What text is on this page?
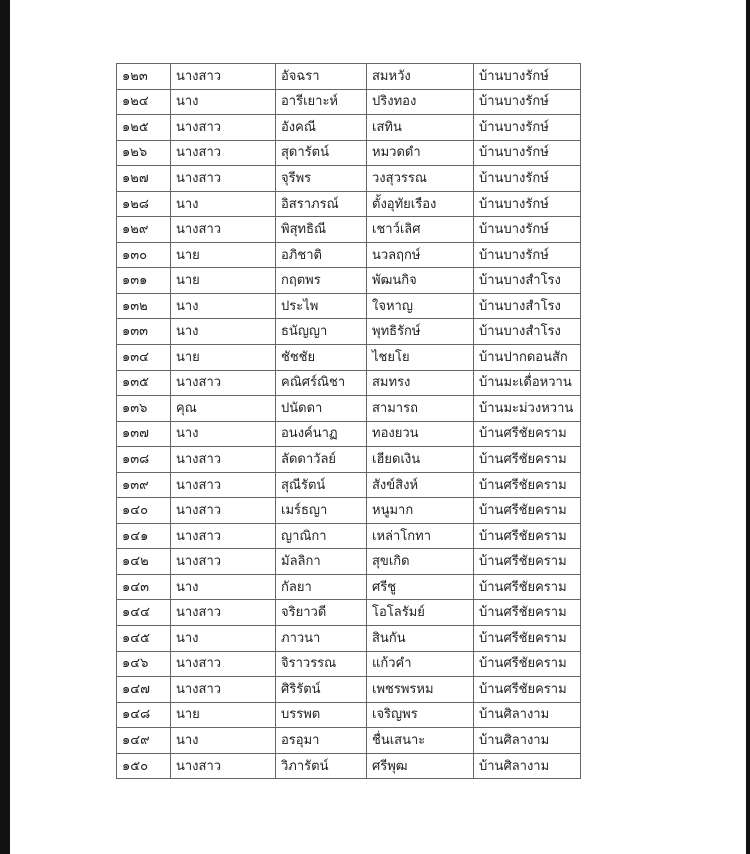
๑๒๓	นางสาว	อัจฉรา	สมหวัง	บ้านบางรักษ์
๑๒๔	นาง	อารีเยาะห์	ปริงทอง	บ้านบางรักษ์
๑๒๕	นางสาว	อังคณี	เสทิน	บ้านบางรักษ์
๑๒๖	นางสาว	สุดารัตน์	หมวดดำ	บ้านบางรักษ์
๑๒๗	นางสาว	จุรีพร	วงสุวรรณ	บ้านบางรักษ์
๑๒๘	นาง	อิสราภรณ์	ตั้งอุทัยเรือง	บ้านบางรักษ์
๑๒๙	นางสาว	พิสุทธิณี	เชาว์เลิศ	บ้านบางรักษ์
๑๓๐	นาย	อภิชาติ	นวลฤกษ์	บ้านบางรักษ์
๑๓๑	นาย	กฤตพร	พัฒนกิจ	บ้านบางสำโรง
๑๓๒	นาง	ประไพ	ใจหาญ	บ้านบางสำโรง
๑๓๓	นาง	ธนัญญา	พุทธิรักษ์	บ้านบางสำโรง
๑๓๔	นาย	ชัชชัย	ไชยโย	บ้านปากดอนสัก
๑๓๕	นางสาว	คณิศร์ณิชา	สมทรง	บ้านมะเดื่อหวาน
๑๓๖	คุณ	ปนัดดา	สามารถ	บ้านมะม่วงหวาน
๑๓๗	นาง	อนงค์นาฏ	ทองยวน	บ้านศรีชัยคราม
๑๓๘	นางสาว	ลัดดาวัลย์	เฮียดเงิน	บ้านศรีชัยคราม
๑๓๙	นางสาว	สุณีรัตน์	สังข์สิงห์	บ้านศรีชัยคราม
๑๔๐	นางสาว	เมร์ธญา	หนูมาก	บ้านศรีชัยคราม
๑๔๑	นางสาว	ญาณิกา	เหล่าโกทา	บ้านศรีชัยคราม
๑๔๒	นางสาว	มัลลิกา	สุขเกิด	บ้านศรีชัยคราม
๑๔๓	นาง	กัลยา	ศรีชู	บ้านศรีชัยคราม
๑๔๔	นางสาว	จริยาวดี	โอโลรัมย์	บ้านศรีชัยคราม
๑๔๕	นาง	ภาวนา	สินกัน	บ้านศรีชัยคราม
๑๔๖	นางสาว	จิราวรรณ	แก้วคำ	บ้านศรีชัยคราม
๑๔๗	นางสาว	ศิริรัตน์	เพชรพรหม	บ้านศรีชัยคราม
๑๔๘	นาย	บรรพต	เจริญพร	บ้านศิลางาม
๑๔๙	นาง	อรอุมา	ชื่นเสนาะ	บ้านศิลางาม
๑๕๐	นางสาว	วิภารัตน์	ศรีพุฒ	บ้านศิลางาม
